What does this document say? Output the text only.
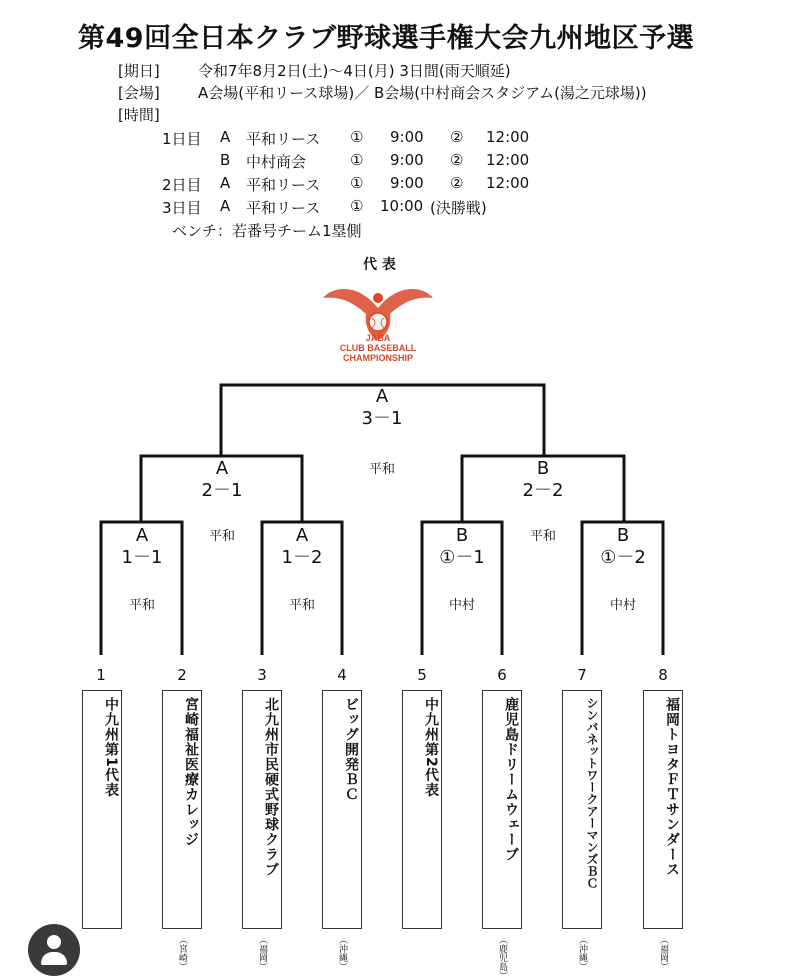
第49回全日本クラブ野球選手権大会九州地区予選
[期日]	令和7年8月2日(土)～4日(月) 3日間(雨天順延)
[会場]	A会場(平和リース球場)／ B会場(中村商会スタジアム(湯之元球場))
[時間]
1日目 A 平和リース ① 9:00 ② 12:00
B 中村商会	① 9:00 ② 12:00
2日目 A 平和リース ① 9:00 ② 12:00
3日目 A 平和リース ① 10:00 (決勝戦)
ベンチ：若番号チーム1塁側
代 表
JABA
CLUB BASEBALL
CHAMPIONSHIP
A
3－1
平和
A
2－1
平和
B
2－2
平和
A
1－1
平和
A
1－2
平和
B
①－1
中村
B
①－2
中村
1	2	3	4	5	6	7	8
中九州第1代表	宮崎福祉医療カレッジ	北九州市民硬式野球クラブ	ビッグ開発ＢＣ	中九州第2代表	鹿児島ドリームウェーブ	シンバネットワークアーマンズＢＣ	福岡トヨタＦＴサンダース
（宮崎）	（福岡）	（沖縄）	（鹿児島）	（沖縄）	（福岡）
